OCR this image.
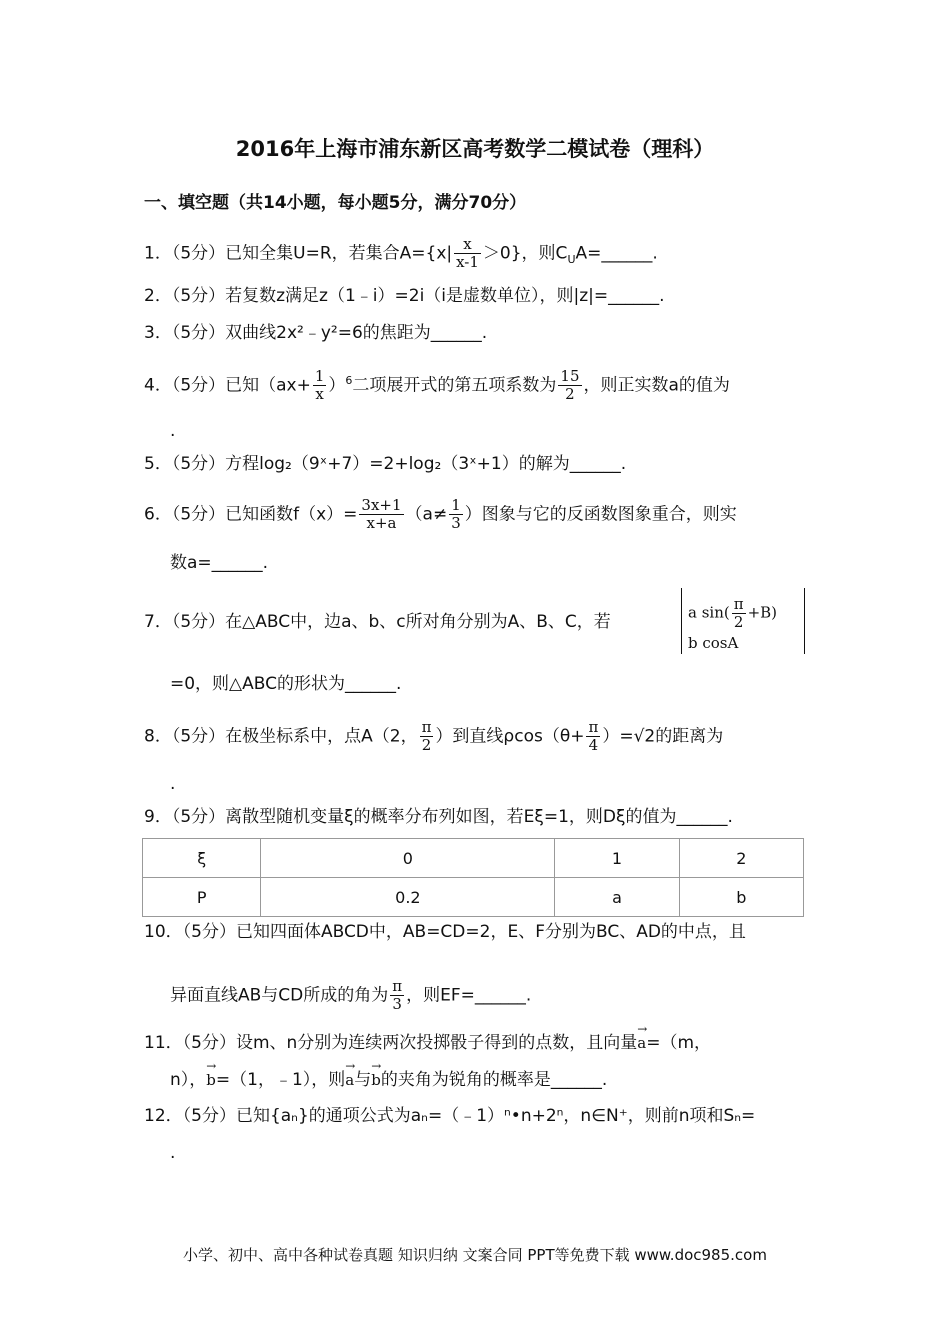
2016年上海市浦东新区高考数学二模试卷（理科）
一、填空题（共14小题，每小题5分，满分70分）
1．（5分）已知全集U=R，若集合$A=\{x| \frac{x}{x-1} >0\}$，则$C_UA=\_\_\_\_\_\_$.
2．（5分）若复数z满足z（1﹣i）=2i（i是虚数单位），则|z|=______.
3．（5分）双曲线2x²﹣y²=6的焦距为______.
4．（5分）已知$(ax+ \frac{1}{x} )^6$二项展开式的第五项系数为 $\frac{15}{2}$ ，则正实数a的值为
.
5．（5分）方程log₂（9ˣ+7）=2+log₂（3ˣ+1）的解为______.
6．（5分）已知函数$f(x)= \frac{3x+1}{x+a} (a\ne \frac{1}{3}$ ）图象与它的反函数图象重合，则实
数a=______.
7．（5分）在△ABC中，边a、b、c所对角分别为A、B、C，若	a $\sin( \frac{\pi}{2} +B)$
b cosA
=0，则△ABC的形状为______.
8．（5分）在极坐标系中，点A（2， $\frac{\pi}{2}$ ）到直线$\rho\cos(\theta+ \frac{\pi}{4} )=√2$的距离为
.
9．（5分）离散型随机变量ξ的概率分布列如图，若Eξ=1，则Dξ的值为______.
ξ	0	1	2
P	0.2	a	b
10．（5分）已知四面体ABCD中，AB=CD=2，E、F分别为BC、AD的中点，且
异面直线AB与CD所成的角为 $\frac{\pi}{3}$ ，则EF=______.
11．（5分）设m、n分别为连续两次投掷骰子得到的点数，且向量→ a=（m，
n），→ b=（1，﹣1），则→ a与→ b的夹角为锐角的概率是______.
12．（5分）已知{aₙ}的通项公式为aₙ=（﹣1）ⁿ•n+2ⁿ，n∈N⁺，则前n项和Sₙ=
.
小学、初中、高中各种试卷真题 知识归纳 文案合同 PPT等免费下载 www.doc985.com
